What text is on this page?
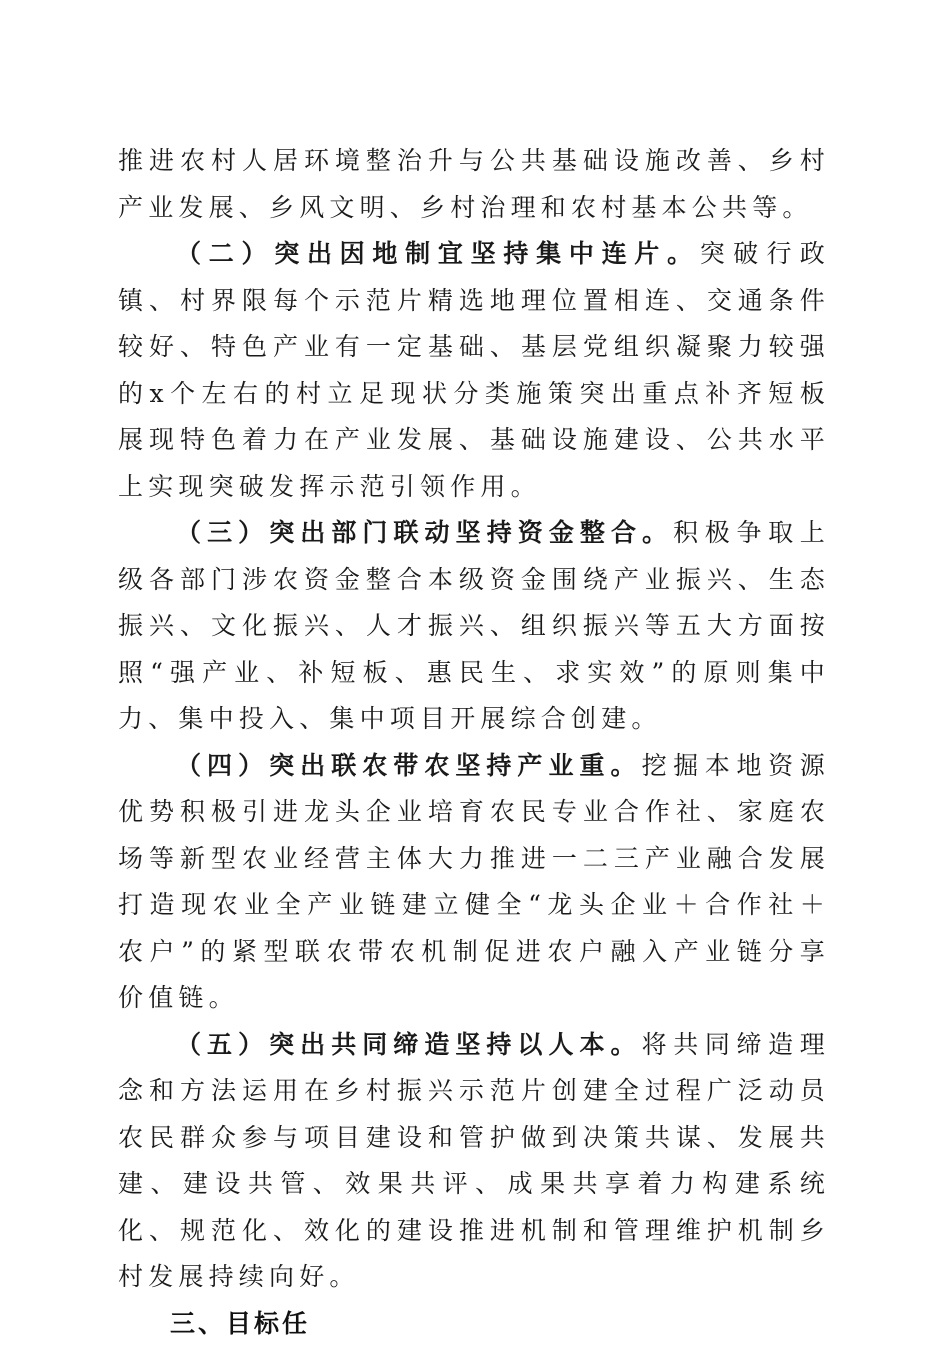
推进农村人居环境整治升与公共基础设施改善、乡村产业发展、乡风文明、乡村治理和农村基本公共等。

（二）突出因地制宜坚持集中连片。突破行政镇、村界限每个示范片精选地理位置相连、交通条件较好、特色产业有一定基础、基层党组织凝聚力较强的x个左右的村立足现状分类施策突出重点补齐短板展现特色着力在产业发展、基础设施建设、公共水平上实现突破发挥示范引领作用。

（三）突出部门联动坚持资金整合。积极争取上级各部门涉农资金整合本级资金围绕产业振兴、生态振兴、文化振兴、人才振兴、组织振兴等五大方面按照“强产业、补短板、惠民生、求实效”的原则集中力、集中投入、集中项目开展综合创建。

（四）突出联农带农坚持产业重。挖掘本地资源优势积极引进龙头企业培育农民专业合作社、家庭农场等新型农业经营主体大力推进一二三产业融合发展打造现农业全产业链建立健全“龙头企业＋合作社＋农户”的紧型联农带农机制促进农户融入产业链分享价值链。

（五）突出共同缔造坚持以人本。将共同缔造理念和方法运用在乡村振兴示范片创建全过程广泛动员农民群众参与项目建设和管护做到决策共谋、发展共建、建设共管、效果共评、成果共享着力构建系统化、规范化、效化的建设推进机制和管理维护机制乡村发展持续向好。

三、目标任
